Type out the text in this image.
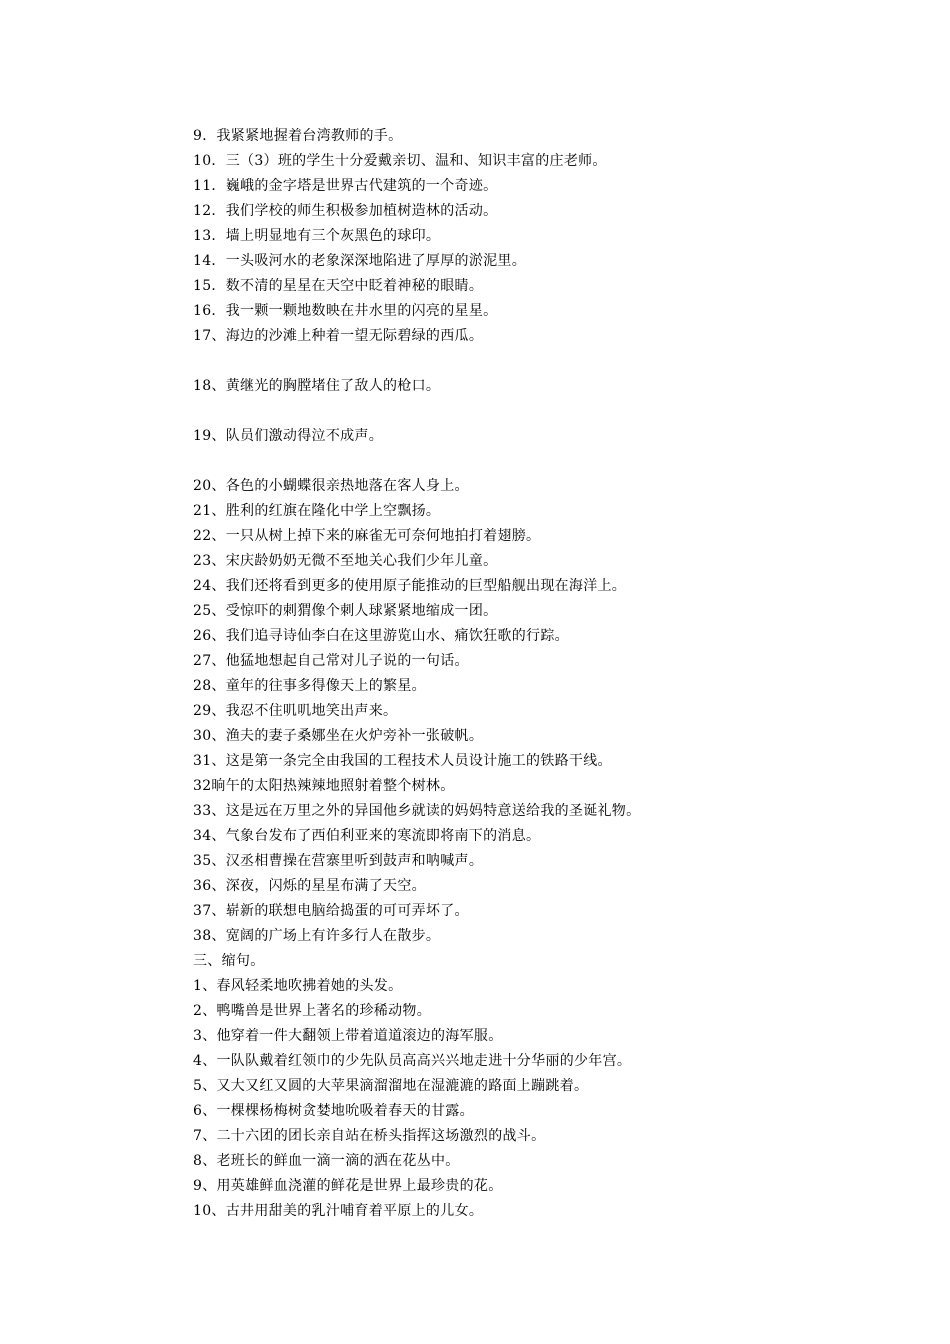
9．我紧紧地握着台湾教师的手。
10．三（3）班的学生十分爱戴亲切、温和、知识丰富的庄老师。
11．巍峨的金字塔是世界古代建筑的一个奇迹。
12．我们学校的师生积极参加植树造林的活动。
13．墙上明显地有三个灰黑色的球印。
14．一头吸河水的老象深深地陷进了厚厚的淤泥里。
15．数不清的星星在天空中眨着神秘的眼睛。
16．我一颗一颗地数映在井水里的闪亮的星星。
17、海边的沙滩上种着一望无际碧绿的西瓜。
18、黄继光的胸膛堵住了敌人的枪口。
19、队员们激动得泣不成声。
20、各色的小蝴蝶很亲热地落在客人身上。
21、胜利的红旗在隆化中学上空飘扬。
22、一只从树上掉下来的麻雀无可奈何地拍打着翅膀。
23、宋庆龄奶奶无微不至地关心我们少年儿童。
24、我们还将看到更多的使用原子能推动的巨型船舰出现在海洋上。
25、受惊吓的刺猬像个刺人球紧紧地缩成一团。
26、我们追寻诗仙李白在这里游览山水、痛饮狂歌的行踪。
27、他猛地想起自己常对儿子说的一句话。
28、童年的往事多得像天上的繁星。
29、我忍不住叽叽地笑出声来。
30、渔夫的妻子桑娜坐在火炉旁补一张破帆。
31、这是第一条完全由我国的工程技术人员设计施工的铁路干线。
32晌午的太阳热辣辣地照射着整个树林。
33、这是远在万里之外的异国他乡就读的妈妈特意送给我的圣诞礼物。
34、气象台发布了西伯利亚来的寒流即将南下的消息。
35、汉丞相曹操在营寨里听到鼓声和呐喊声。
36、深夜，闪烁的星星布满了天空。
37、崭新的联想电脑给捣蛋的可可弄坏了。
38、宽阔的广场上有许多行人在散步。
三、缩句。
1、春风轻柔地吹拂着她的头发。
2、鸭嘴兽是世界上著名的珍稀动物。
3、他穿着一件大翻领上带着道道滚边的海军服。
4、一队队戴着红领巾的少先队员高高兴兴地走进十分华丽的少年宫。
5、又大又红又圆的大苹果滴溜溜地在湿漉漉的路面上蹦跳着。
6、一棵棵杨梅树贪婪地吮吸着春天的甘露。
7、二十六团的团长亲自站在桥头指挥这场激烈的战斗。
8、老班长的鲜血一滴一滴的洒在花丛中。
9、用英雄鲜血浇灌的鲜花是世界上最珍贵的花。
10、古井用甜美的乳汁哺育着平原上的儿女。
